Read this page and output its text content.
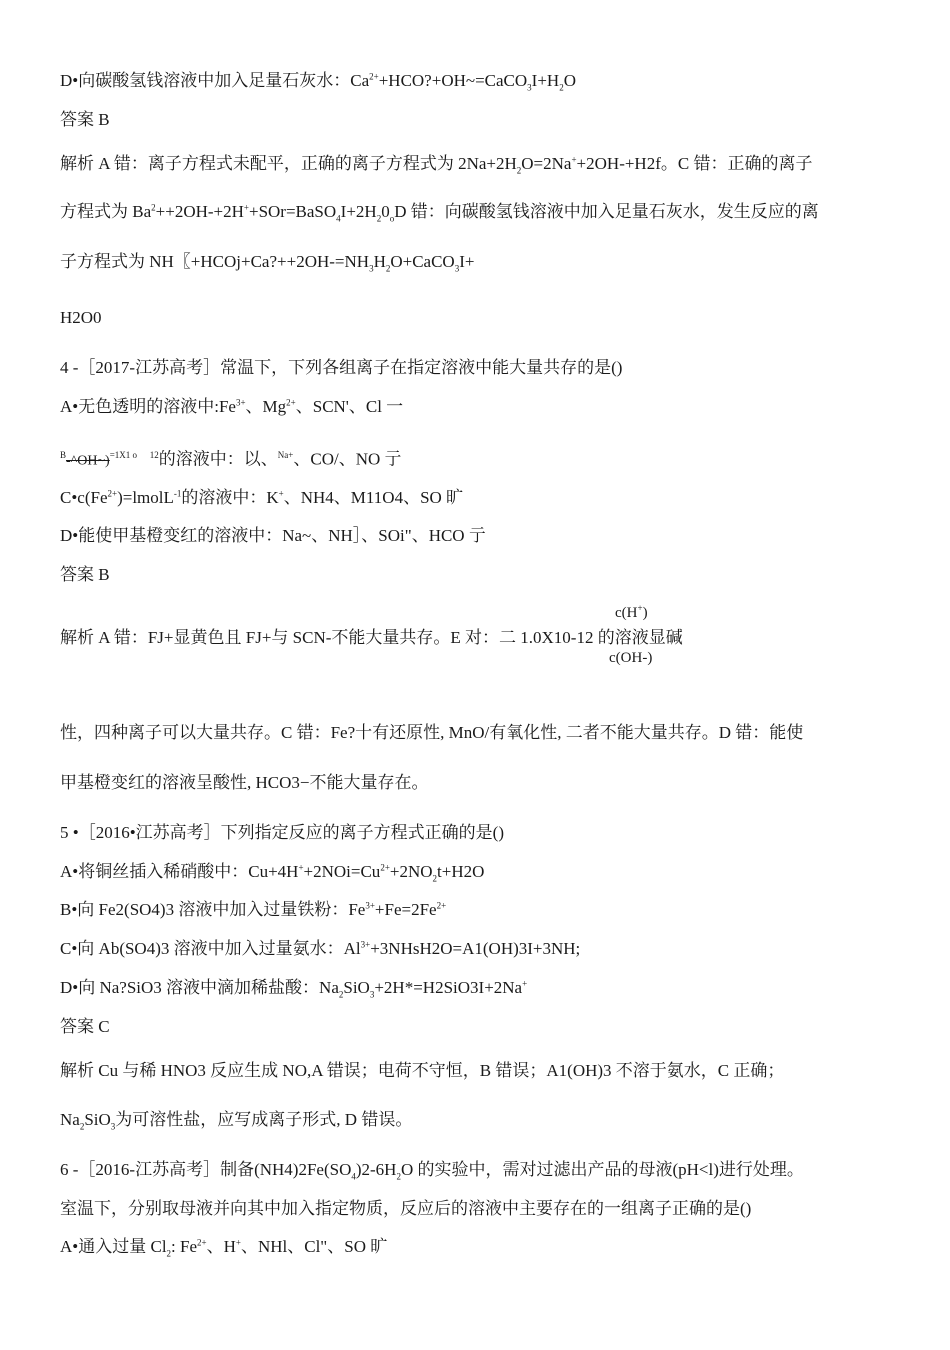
D•向碳酸氢钱溶液中加入足量石灰水：$Ca^{2+}+HCO?+OH\sim=CaCO_3I+H_2O$
答案 B
解析 A 错：离子方程式未配平，正确的离子方程式为 $2Na+2H_2O=2Na^++2OH-+H2f$。C 错：正确的离子
方程式为 $Ba^2++2OH-+2H^++SOr=BaSO_4I+2H_20_oD$ 错：向碳酸氢钱溶液中加入足量石灰水，发生反应的离
子方程式为 NH〖$+HCOj+Ca?++2OH-=NH_3H_2O+CaCO_3I+$
H2O0
4 -［2017-江苏高考］常温下，下列各组离子在指定溶液中能大量共存的是()
A•无色透明的溶液中$:Fe^{3+}$、$Mg^{2+}$、SCN'、Cl 一
$^B$-^OH~)$^{=1X1 o}$ $^{12}$的溶液中：以、$^{Na+}$、CO/、NO 亍
$C•c(Fe^{2+})=lmolL^{-1}$的溶液中：K+、NH4、M11O4、SO 旷
D•能使甲基橙变红的溶液中：Na~、NH］、SOi"、HCO 亍
答案 B
c(H+)
解析 A 错：FJ+显黄色且 FJ+与 SCN-不能大量共存。E 对：二 1.0X10-12 的溶液显碱
c(OH-)
性，四种离子可以大量共存。C 错：Fe?十有还原性, MnO/有氧化性, 二者不能大量共存。D 错：能使
甲基橙变红的溶液呈酸性, HCO3−不能大量存在。
5 •［2016•江苏高考］下列指定反应的离子方程式正确的是()
A•将铜丝插入稀硝酸中：$Cu+4H^++2NOi=Cu^{2+}+2NO_2t+H2O$
B•向 Fe2(SO4)3 溶液中加入过量铁粉：$Fe^{3+}+Fe=2Fe^{2+}$
C•向 Ab(SO4)3 溶液中加入过量氨水：$Al^{3+}+3NHsH2O=A1(OH)3I+3NH$;
D•向 Na?SiO3 溶液中滴加稀盐酸：$Na_2SiO_3+2H*=H2SiO3I+2Na^+$
答案 C
解析 Cu 与稀 HNO3 反应生成 NO,A 错误；电荷不守恒，B 错误；A1(OH)3 不溶于氨水，C 正确；
$Na_2SiO_3$为可溶性盐，应写成离子形式, D 错误。
6 -［2016-江苏高考］制备$(NH4)2Fe(SO_4)2-6H_2O$ 的实验中，需对过滤出产品的母液(pH<l)进行处理。
室温下，分别取母液并向其中加入指定物质，反应后的溶液中主要存在的一组离子正确的是()
A•通入过量 $Cl_2$: $Fe^{2+}$、H+、NHl、Cl"、SO 旷
